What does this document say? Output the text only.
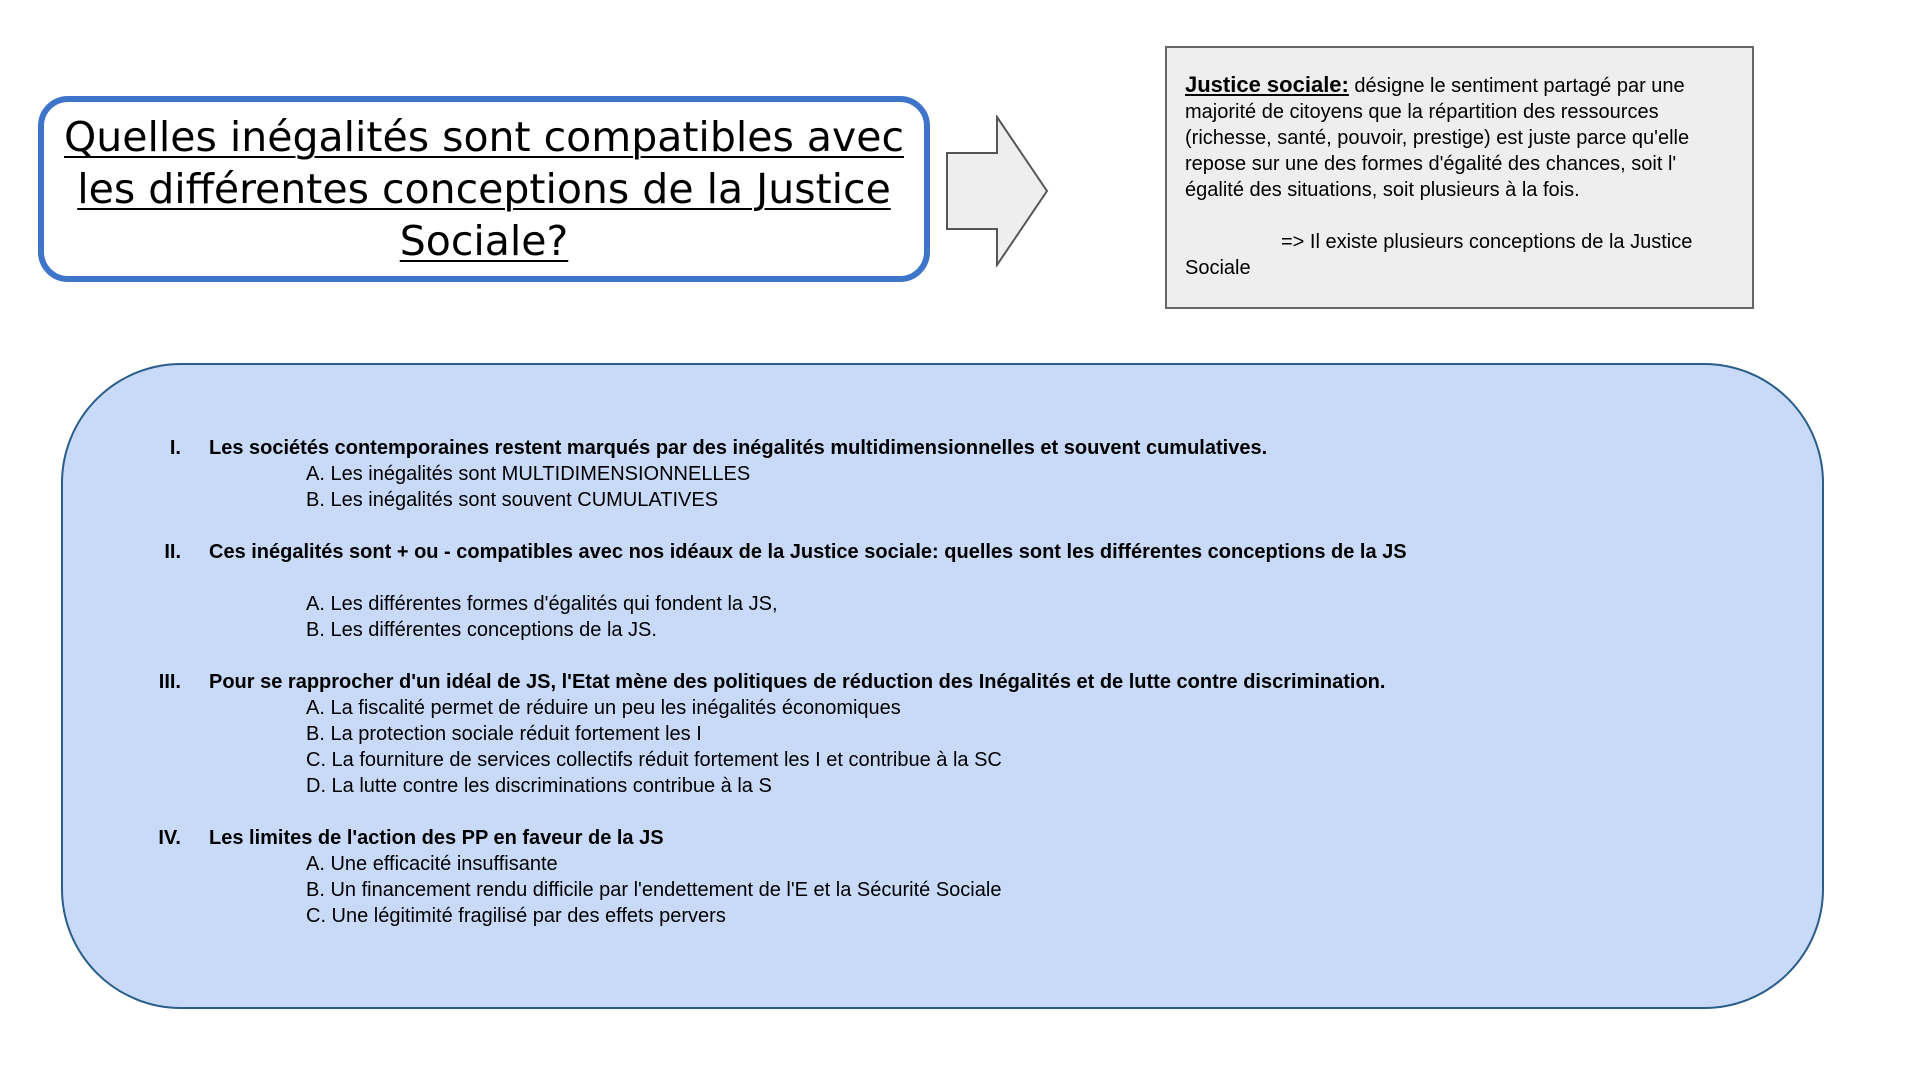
Quelles inégalités sont compatibles avec les différentes conceptions de la Justice Sociale?

Justice sociale: désigne le sentiment partagé par une majorité de citoyens que la répartition des ressources (richesse, santé, pouvoir, prestige) est juste parce qu'elle repose sur une des formes d'égalité des chances, soit l' égalité des situations, soit plusieurs à la fois.
=> Il existe plusieurs conceptions de la Justice Sociale
I. Les sociétés contemporaines restent marqués par des inégalités multidimensionnelles et souvent cumulatives.
A. Les inégalités sont MULTIDIMENSIONNELLES
B. Les inégalités sont souvent CUMULATIVES
II. Ces inégalités sont + ou - compatibles avec nos idéaux de la Justice sociale: quelles sont les différentes conceptions de la JS
A. Les différentes formes d'égalités qui fondent la JS,
B. Les différentes conceptions de la JS.
III. Pour se rapprocher d'un idéal de JS, l'Etat mène des politiques de réduction des Inégalités et de lutte contre discrimination.
A. La fiscalité permet de réduire un peu les inégalités économiques
B. La protection sociale réduit fortement les I
C. La fourniture de services collectifs réduit fortement les I et contribue à la SC
D. La lutte contre les discriminations contribue à la S
IV. Les limites de l'action des PP en faveur de la JS
A. Une efficacité insuffisante
B. Un financement rendu difficile par l'endettement de l'E et la Sécurité Sociale
C. Une légitimité fragilisé par des effets pervers
